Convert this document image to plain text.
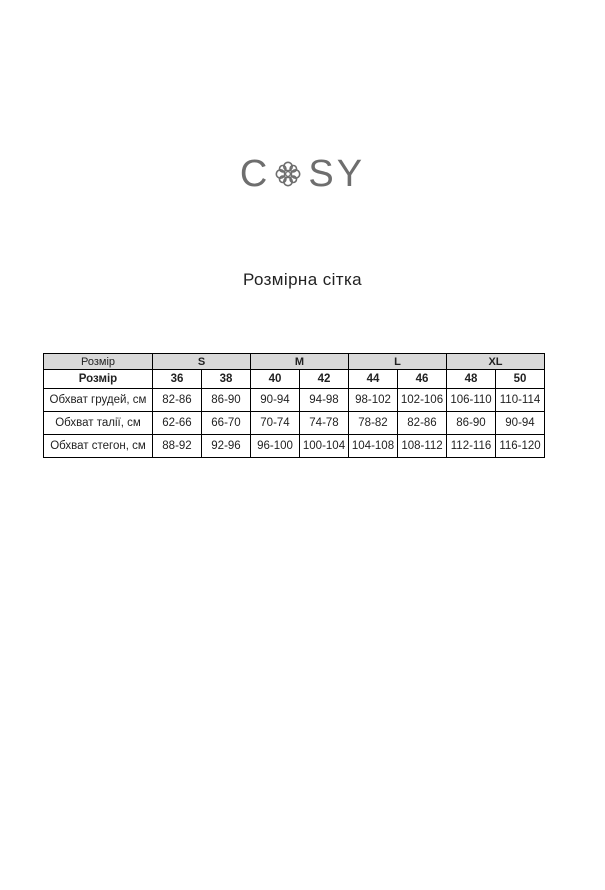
C SY
Розмірна сітка
Розмір	S		M		L		XL	
Розмір	36	38	40	42	44	46	48	50
Обхват грудей, см	82-86	86-90	90-94	94-98	98-102	102-106	106-110	110-114
Обхват талії, см	62-66	66-70	70-74	74-78	78-82	82-86	86-90	90-94
Обхват стегон, см	88-92	92-96	96-100	100-104	104-108	108-112	112-116	116-120
